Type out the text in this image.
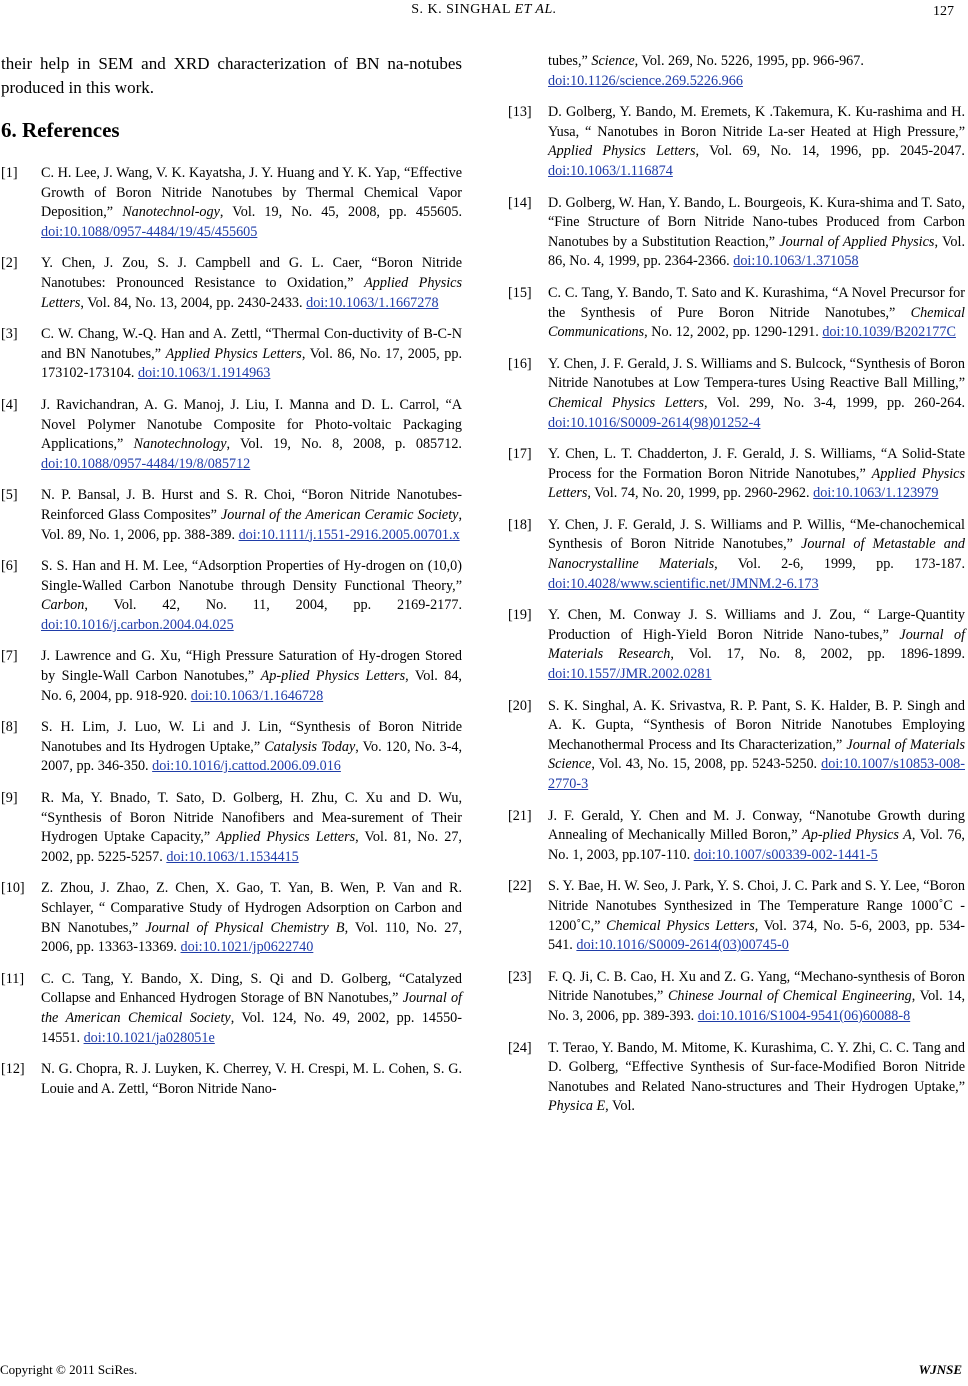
S. K. SINGHAL ET AL.	127

their help in SEM and XRD characterization of BN na-notubes produced in this work.

6. References
[1]	C. H. Lee, J. Wang, V. K. Kayatsha, J. Y. Huang and Y. K. Yap, “Effective Growth of Boron Nitride Nanotubes by Thermal Chemical Vapor Deposition,” Nanotechnol-ogy, Vol. 19, No. 45, 2008, pp. 455605. doi:10.1088/0957-4484/19/45/455605
[2]	Y. Chen, J. Zou, S. J. Campbell and G. L. Caer, “Boron Nitride Nanotubes: Pronounced Resistance to Oxidation,” Applied Physics Letters, Vol. 84, No. 13, 2004, pp. 2430-2433. doi:10.1063/1.1667278
[3]	C. W. Chang, W.-Q. Han and A. Zettl, “Thermal Con-ductivity of B-C-N and BN Nanotubes,” Applied Physics Letters, Vol. 86, No. 17, 2005, pp. 173102-173104. doi:10.1063/1.1914963
[4]	J. Ravichandran, A. G. Manoj, J. Liu, I. Manna and D. L. Carrol, “A Novel Polymer Nanotube Composite for Photo-voltaic Packaging Applications,” Nanotechnology, Vol. 19, No. 8, 2008, p. 085712. doi:10.1088/0957-4484/19/8/085712
[5]	N. P. Bansal, J. B. Hurst and S. R. Choi, “Boron Nitride Nanotubes-Reinforced Glass Composites” Journal of the American Ceramic Society, Vol. 89, No. 1, 2006, pp. 388-389. doi:10.1111/j.1551-2916.2005.00701.x
[6]	S. S. Han and H. M. Lee, “Adsorption Properties of Hy-drogen on (10,0) Single-Walled Carbon Nanotube through Density Functional Theory,” Carbon, Vol. 42, No. 11, 2004, pp. 2169-2177. doi:10.1016/j.carbon.2004.04.025
[7]	J. Lawrence and G. Xu, “High Pressure Saturation of Hy-drogen Stored by Single-Wall Carbon Nanotubes,” Ap-plied Physics Letters, Vol. 84, No. 6, 2004, pp. 918-920. doi:10.1063/1.1646728
[8]	S. H. Lim, J. Luo, W. Li and J. Lin, “Synthesis of Boron Nitride Nanotubes and Its Hydrogen Uptake,” Catalysis Today, Vo. 120, No. 3-4, 2007, pp. 346-350. doi:10.1016/j.cattod.2006.09.016
[9]	R. Ma, Y. Bnado, T. Sato, D. Golberg, H. Zhu, C. Xu and D. Wu, “Synthesis of Boron Nitride Nanofibers and Mea-surement of Their Hydrogen Uptake Capacity,” Applied Physics Letters, Vol. 81, No. 27, 2002, pp. 5225-5257. doi:10.1063/1.1534415
[10]	Z. Zhou, J. Zhao, Z. Chen, X. Gao, T. Yan, B. Wen, P. Van and R. Schlayer, “ Comparative Study of Hydrogen Adsorption on Carbon and BN Nanotubes,” Journal of Physical Chemistry B, Vol. 110, No. 27, 2006, pp. 13363-13369. doi:10.1021/jp0622740
[11]	C. C. Tang, Y. Bando, X. Ding, S. Qi and D. Golberg, “Catalyzed Collapse and Enhanced Hydrogen Storage of BN Nanotubes,” Journal of the American Chemical Society, Vol. 124, No. 49, 2002, pp. 14550-14551. doi:10.1021/ja028051e
[12]	N. G. Chopra, R. J. Luyken, K. Cherrey, V. H. Crespi, M. L. Cohen, S. G. Louie and A. Zettl, “Boron Nitride Nano-
tubes,” Science, Vol. 269, No. 5226, 1995, pp. 966-967.
doi:10.1126/science.269.5226.966
[13]	D. Golberg, Y. Bando, M. Eremets, K .Takemura, K. Ku-rashima and H. Yusa, “ Nanotubes in Boron Nitride La-ser Heated at High Pressure,” Applied Physics Letters, Vol. 69, No. 14, 1996, pp. 2045-2047. doi:10.1063/1.116874
[14]	D. Golberg, W. Han, Y. Bando, L. Bourgeois, K. Kura-shima and T. Sato, “Fine Structure of Born Nitride Nano-tubes Produced from Carbon Nanotubes by a Substitution Reaction,” Journal of Applied Physics, Vol. 86, No. 4, 1999, pp. 2364-2366. doi:10.1063/1.371058
[15]	C. C. Tang, Y. Bando, T. Sato and K. Kurashima, “A Novel Precursor for the Synthesis of Pure Boron Nitride Nanotubes,” Chemical Communications, No. 12, 2002, pp. 1290-1291. doi:10.1039/B202177C
[16]	Y. Chen, J. F. Gerald, J. S. Williams and S. Bulcock, “Synthesis of Boron Nitride Nanotubes at Low Tempera-tures Using Reactive Ball Milling,” Chemical Physics Letters, Vol. 299, No. 3-4, 1999, pp. 260-264. doi:10.1016/S0009-2614(98)01252-4
[17]	Y. Chen, L. T. Chadderton, J. F. Gerald, J. S. Williams, “A Solid-State Process for the Formation Boron Nitride Nanotubes,” Applied Physics Letters, Vol. 74, No. 20, 1999, pp. 2960-2962. doi:10.1063/1.123979
[18]	Y. Chen, J. F. Gerald, J. S. Williams and P. Willis, “Me-chanochemical Synthesis of Boron Nitride Nanotubes,” Journal of Metastable and Nanocrystalline Materials, Vol. 2-6, 1999, pp. 173-187. doi:10.4028/www.scientific.net/JMNM.2-6.173
[19]	Y. Chen, M. Conway J. S. Williams and J. Zou, “ Large-Quantity Production of High-Yield Boron Nitride Nano-tubes,” Journal of Materials Research, Vol. 17, No. 8, 2002, pp. 1896-1899. doi:10.1557/JMR.2002.0281
[20]	S. K. Singhal, A. K. Srivastva, R. P. Pant, S. K. Halder, B. P. Singh and A. K. Gupta, “Synthesis of Boron Nitride Nanotubes Employing Mechanothermal Process and Its Characterization,” Journal of Materials Science, Vol. 43, No. 15, 2008, pp. 5243-5250. doi:10.1007/s10853-008-2770-3
[21]	J. F. Gerald, Y. Chen and M. J. Conway, “Nanotube Growth during Annealing of Mechanically Milled Boron,” Ap-plied Physics A, Vol. 76, No. 1, 2003, pp.107-110. doi:10.1007/s00339-002-1441-5
[22]	S. Y. Bae, H. W. Seo, J. Park, Y. S. Choi, J. C. Park and S. Y. Lee, “Boron Nitride Nanotubes Synthesized in The Temperature Range 1000˚C - 1200˚C,” Chemical Physics Letters, Vol. 374, No. 5-6, 2003, pp. 534-541. doi:10.1016/S0009-2614(03)00745-0
[23]	F. Q. Ji, C. B. Cao, H. Xu and Z. G. Yang, “Mechano-synthesis of Boron Nitride Nanotubes,” Chinese Journal of Chemical Engineering, Vol. 14, No. 3, 2006, pp. 389-393. doi:10.1016/S1004-9541(06)60088-8
[24]	T. Terao, Y. Bando, M. Mitome, K. Kurashima, C. Y. Zhi, C. C. Tang and D. Golberg, “Effective Synthesis of Sur-face-Modified Boron Nitride Nanotubes and Related Nano-structures and Their Hydrogen Uptake,” Physica E, Vol.
Copyright © 2011 SciRes.	WJNSE
